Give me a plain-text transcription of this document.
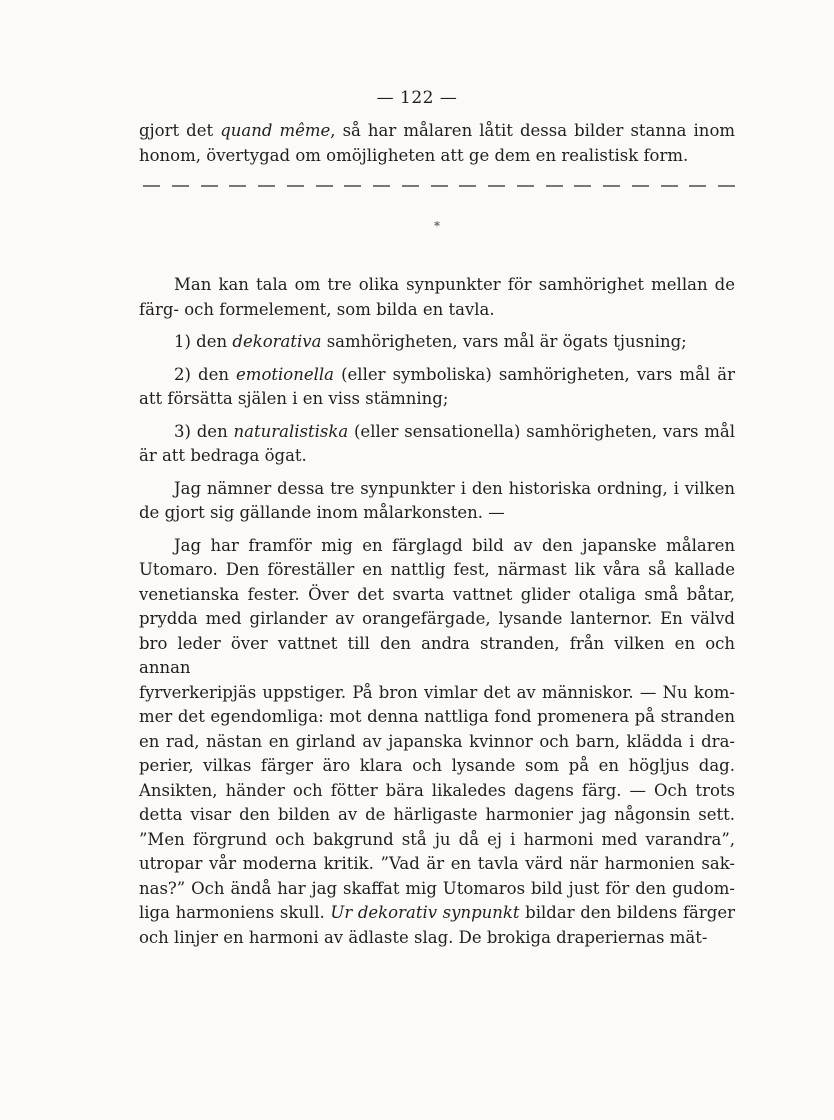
— 122 —

gjort det quand même, så har målaren låtit dessa bilder stanna inom

honom, övertygad om omöjligheten att ge dem en realistisk form.

*

Man kan tala om tre olika synpunkter för samhörighet mellan de

färg- och formelement, som bilda en tavla.

1) den dekorativa samhörigheten, vars mål är ögats tjusning;

2) den emotionella (eller symboliska) samhörigheten, vars mål är

att försätta själen i en viss stämning;

3) den naturalistiska (eller sensationella) samhörigheten, vars mål

är att bedraga ögat.

Jag nämner dessa tre synpunkter i den historiska ordning, i vilken

de gjort sig gällande inom målarkonsten. —

Jag har framför mig en färglagd bild av den japanske målaren

Utomaro. Den föreställer en nattlig fest, närmast lik våra så kallade

venetianska fester. Över det svarta vattnet glider otaliga små båtar,

prydda med girlander av orangefärgade, lysande lanternor. En välvd

bro leder över vattnet till den andra stranden, från vilken en och annan

fyrverkeripjäs uppstiger. På bron vimlar det av människor. — Nu kom-

mer det egendomliga: mot denna nattliga fond promenera på stranden

en rad, nästan en girland av japanska kvinnor och barn, klädda i dra-

perier, vilkas färger äro klara och lysande som på en högljus dag.

Ansikten, händer och fötter bära likaledes dagens färg. — Och trots

detta visar den bilden av de härligaste harmonier jag någonsin sett.

”Men förgrund och bakgrund stå ju då ej i harmoni med varandra”,

utropar vår moderna kritik. ”Vad är en tavla värd när harmonien sak-

nas?” Och ändå har jag skaffat mig Utomaros bild just för den gudom-

liga harmoniens skull. Ur dekorativ synpunkt bildar den bildens färger

och linjer en harmoni av ädlaste slag. De brokiga draperiernas mät-
